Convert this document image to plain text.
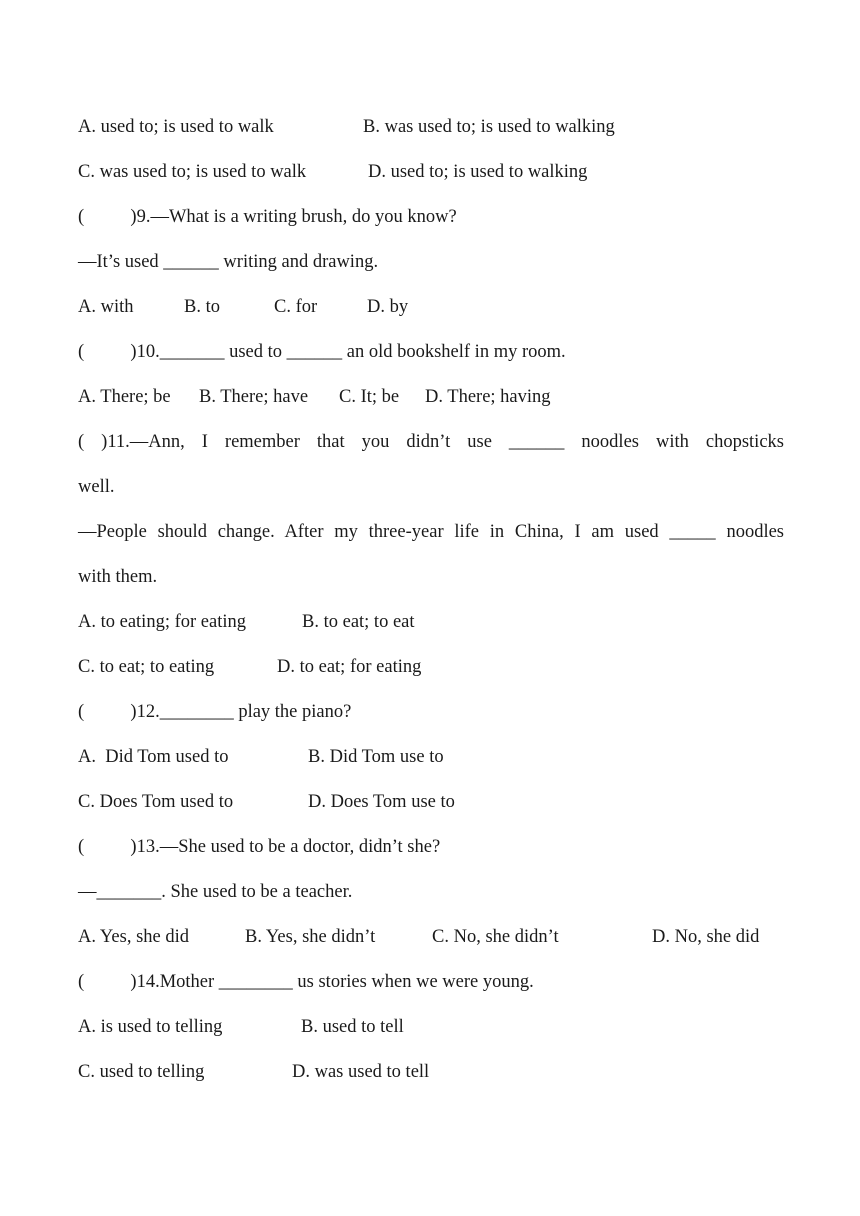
A. used to; is used to walk	B. was used to; is used to walking
C. was used to; is used to walk	D. used to; is used to walking
(          )9.—What is a writing brush, do you know?
—It’s used ______ writing and drawing.
A. with	B. to	C. for	D. by
(          )10._______ used to ______ an old bookshelf in my room.
A. There; be B. There; have C. It; be D. There; having
( )11.—Ann, I remember that you didn’t use ______ noodles with chopsticks
well.
—People should change. After my three-year life in China, I am used _____ noodles
with them.
A. to eating; for eating	B. to eat; to eat
C. to eat; to eating	D. to eat; for eating
(          )12.________ play the piano?
A.  Did Tom used to	B. Did Tom use to
C. Does Tom used to	D. Does Tom use to
(          )13.—She used to be a doctor, didn’t she?
—_______. She used to be a teacher.
A. Yes, she did	B. Yes, she didn’t	C. No, she didn’t	D. No, she did
(          )14.Mother ________ us stories when we were young.
A. is used to telling	B. used to tell
C. used to telling	D. was used to tell
